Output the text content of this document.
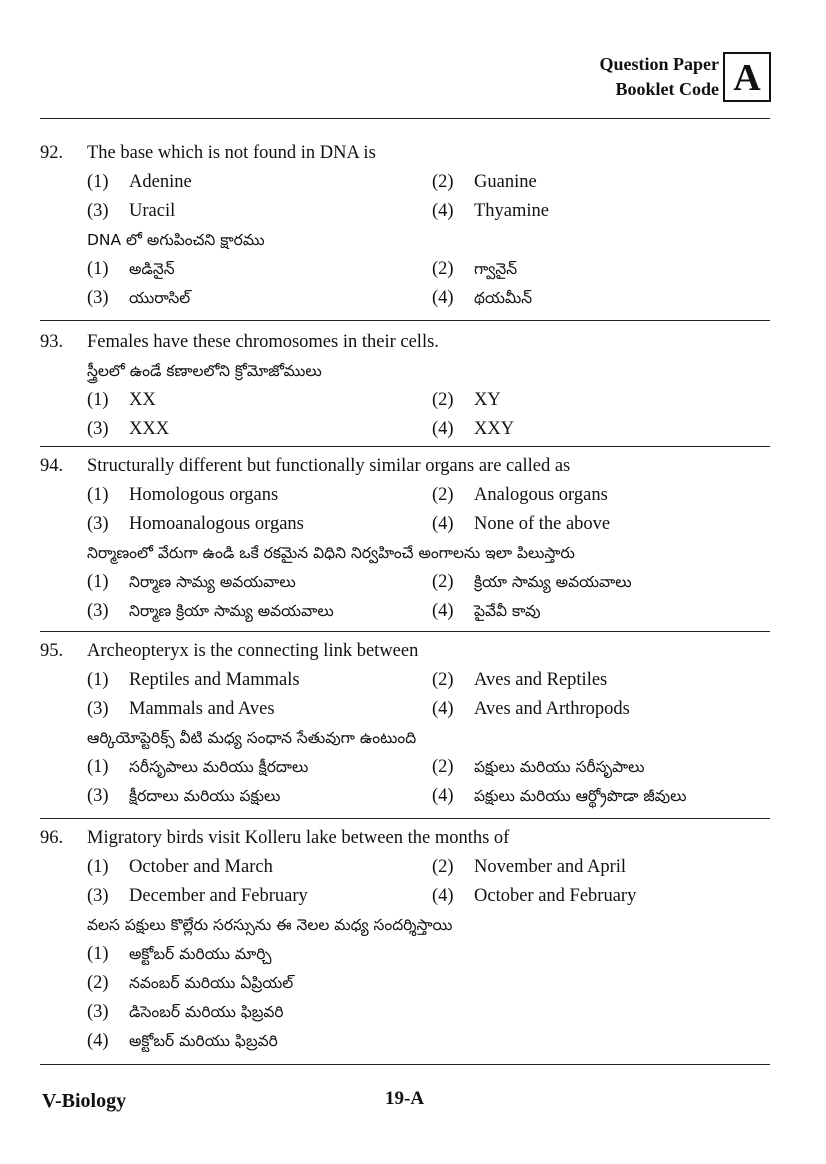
Question Paper
Booklet Code A
92.	The base which is not found in DNA is
(1) Adenine	(2) Guanine
(3) Uracil	(4) Thyamine
DNA లో అగుపించని క్షారము
(1) అడినైన్	(2) గ్వానైన్
(3) యురాసిల్	(4) థయమీన్
93.	Females have these chromosomes in their cells.
స్త్రీలలో ఉండే కణాలలోని క్రోమోజోములు
(1) XX	(2) XY
(3) XXX	(4) XXY
94.	Structurally different but functionally similar organs are called as
(1) Homologous organs	(2) Analogous organs
(3) Homoanalogous organs	(4) None of the above
నిర్మాణంలో వేరుగా ఉండి ఒకే రకమైన విధిని నిర్వహించే అంగాలను ఇలా పిలుస్తారు
(1) నిర్మాణ సామ్య అవయవాలు	(2) క్రియా సామ్య అవయవాలు
(3) నిర్మాణ క్రియా సామ్య అవయవాలు	(4) పైవేవీ కావు
95.	Archeopteryx is the connecting link between
(1) Reptiles and Mammals	(2) Aves and Reptiles
(3) Mammals and Aves	(4) Aves and Arthropods
ఆర్కియోప్టెరిక్స్ వీటి మధ్య సంధాన సేతువుగా ఉంటుంది
(1) సరీసృపాలు మరియు క్షీరదాలు	(2) పక్షులు మరియు సరీసృపాలు
(3) క్షీరదాలు మరియు పక్షులు	(4) పక్షులు మరియు ఆర్థ్రోపొడా జీవులు
96.	Migratory birds visit Kolleru lake between the months of
(1) October and March	(2) November and April
(3) December and February	(4) October and February
వలస పక్షులు కొల్లేరు సరస్సును ఈ నెలల మధ్య సందర్శిస్తాయి
(1) అక్టోబర్ మరియు మార్చి
(2) నవంబర్ మరియు ఏప్రియల్
(3) డిసెంబర్ మరియు ఫిబ్రవరి
(4) అక్టోబర్ మరియు ఫిబ్రవరి
V-Biology	19-A
